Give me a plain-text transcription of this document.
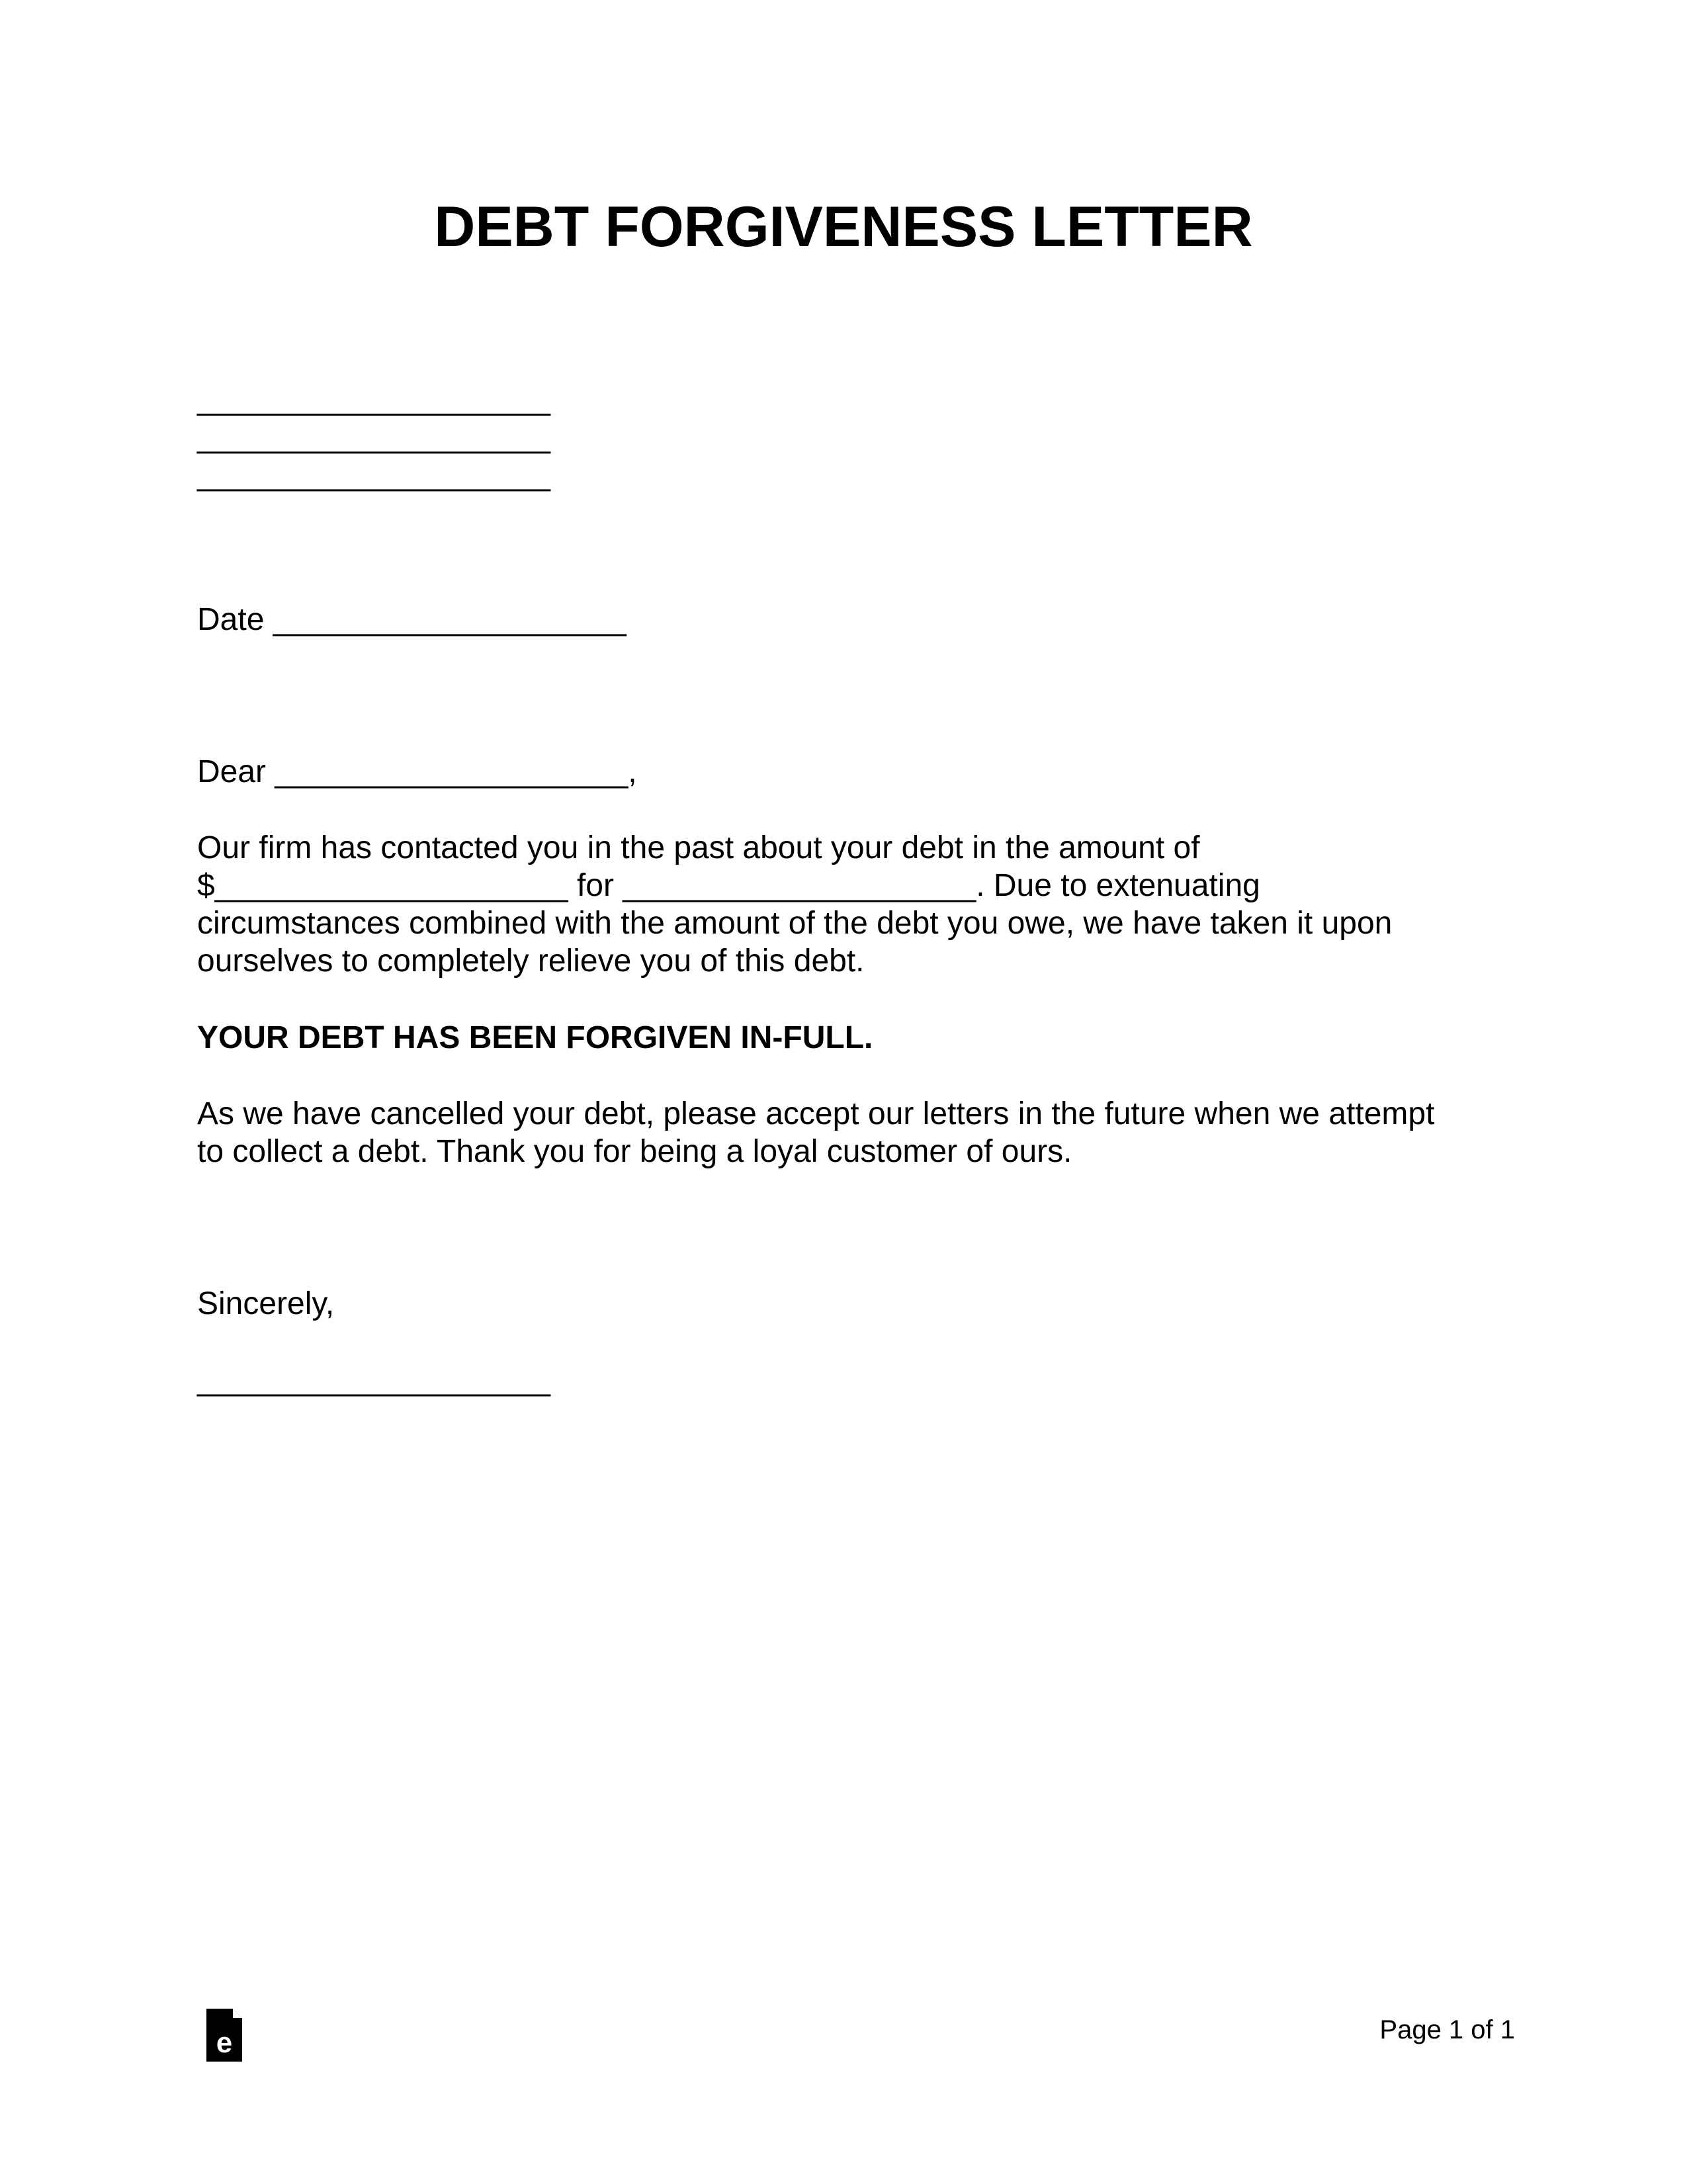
DEBT FORGIVENESS LETTER

____________________

____________________

____________________

Date ____________________

Dear ____________________,

Our firm has contacted you in the past about your debt in the amount of

$____________________ for ____________________. Due to extenuating

circumstances combined with the amount of the debt you owe, we have taken it upon

ourselves to completely relieve you of this debt.

YOUR DEBT HAS BEEN FORGIVEN IN-FULL.

As we have cancelled your debt, please accept our letters in the future when we attempt

to collect a debt. Thank you for being a loyal customer of ours.

Sincerely,

____________________

e	Page 1 of 1
